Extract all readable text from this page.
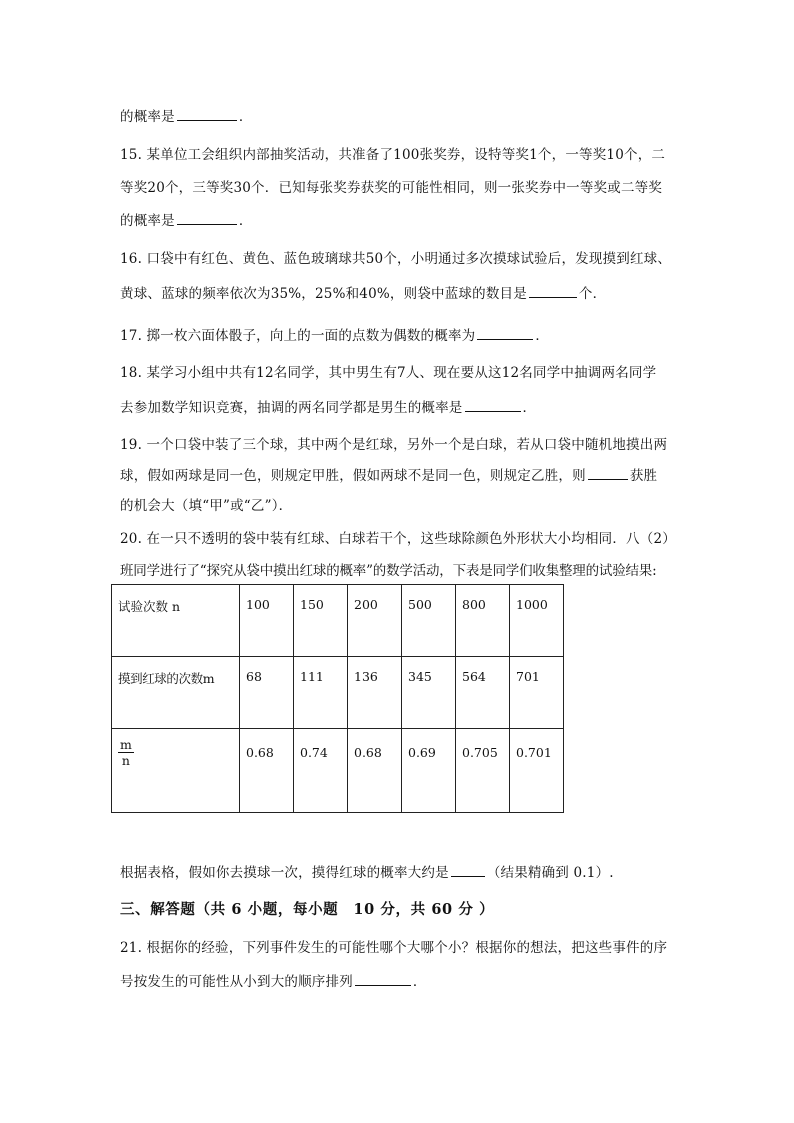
的概率是	．
15. 某单位工会组织内部抽奖活动，共准备了100张奖券，设特等奖1个，一等奖10个，二
等奖20个，三等奖30个．已知每张奖券获奖的可能性相同，则一张奖券中一等奖或二等奖
的概率是	．
16. 口袋中有红色、黄色、蓝色玻璃球共50个，小明通过多次摸球试验后，发现摸到红球、
黄球、蓝球的频率依次为35%，25%和40%，则袋中蓝球的数目是	个．
17. 掷一枚六面体骰子，向上的一面的点数为偶数的概率为	．
18. 某学习小组中共有12名同学，其中男生有7人、现在要从这12名同学中抽调两名同学
去参加数学知识竞赛，抽调的两名同学都是男生的概率是	．
19. 一个口袋中装了三个球，其中两个是红球，另外一个是白球，若从口袋中随机地摸出两
球，假如两球是同一色，则规定甲胜，假如两球不是同一色，则规定乙胜，则	获胜
的机会大（填“甲”或“乙”）．
20. 在一只不透明的袋中装有红球、白球若干个，这些球除颜色外形状大小均相同．八（2）
班同学进行了“探究从袋中摸出红球的概率”的数学活动，下表是同学们收集整理的试验结果:
试验次数 n	100	150	200	500	800	1000
摸到红球的次数m	68	111	136	345	564	701

$\frac{m}{n}$	0.68	0.74	0.68	0.69	0.705	0.701
根据表格，假如你去摸球一次，摸得红球的概率大约是	（结果精确到 0.1）.
三、解答题（共 6 小题，每小题　10 分，共 60 分 ）
21. 根据你的经验，下列事件发生的可能性哪个大哪个小？根据你的想法，把这些事件的序
号按发生的可能性从小到大的顺序排列	．
